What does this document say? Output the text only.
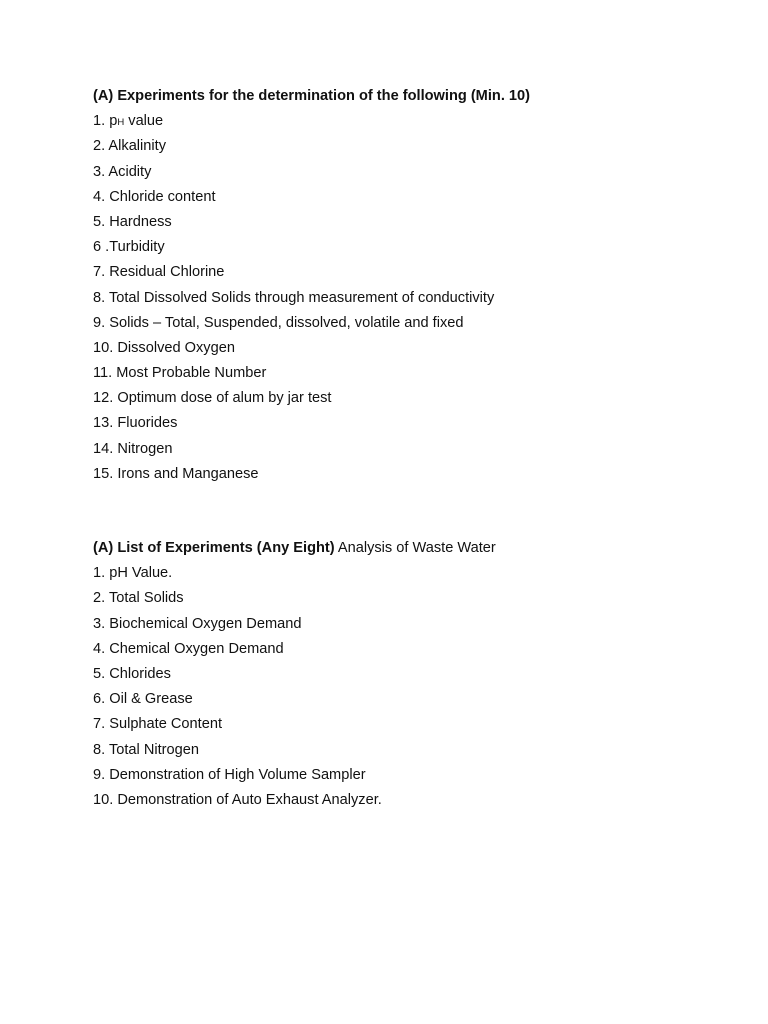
(A) Experiments for the determination of the following (Min. 10)
1. pH value
2. Alkalinity
3. Acidity
4. Chloride content
5. Hardness
6 .Turbidity
7. Residual Chlorine
8. Total Dissolved Solids through measurement of conductivity
9. Solids – Total, Suspended, dissolved, volatile and fixed
10. Dissolved Oxygen
11. Most Probable Number
12. Optimum dose of alum by jar test
13. Fluorides
14. Nitrogen
15. Irons and Manganese
(A) List of Experiments (Any Eight) Analysis of Waste Water
1. pH Value.
2. Total Solids
3. Biochemical Oxygen Demand
4. Chemical Oxygen Demand
5. Chlorides
6. Oil & Grease
7. Sulphate Content
8. Total Nitrogen
9. Demonstration of High Volume Sampler
10. Demonstration of Auto Exhaust Analyzer.
